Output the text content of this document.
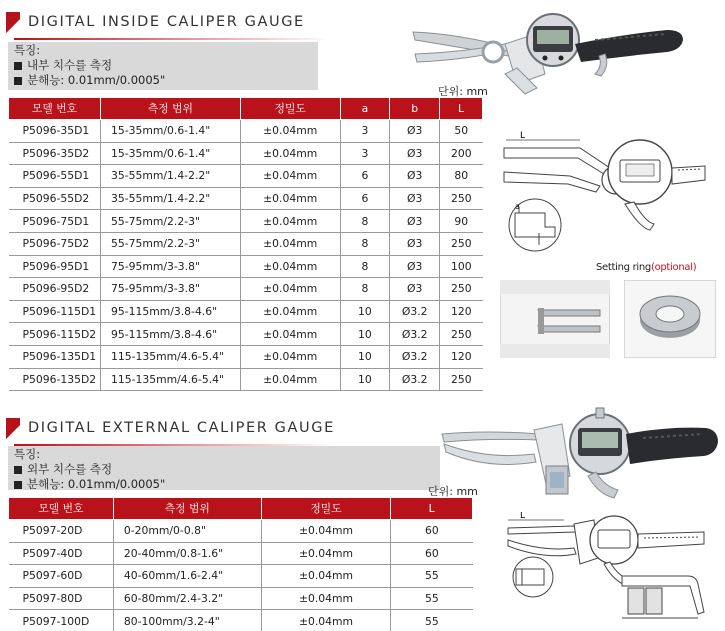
DIGITAL INSIDE CALIPER GAUGE
특징:
내부 치수를 측정
분해능: 0.01mm/0.0005"
단위: mm
모델 번호	측정 범위	정밀도	a	b	L
P5096-35D1	15-35mm/0.6-1.4"	±0.04mm	3	Ø3	50
P5096-35D2	15-35mm/0.6-1.4"	±0.04mm	3	Ø3	200
P5096-55D1	35-55mm/1.4-2.2"	±0.04mm	6	Ø3	80
P5096-55D2	35-55mm/1.4-2.2"	±0.04mm	6	Ø3	250
P5096-75D1	55-75mm/2.2-3"	±0.04mm	8	Ø3	90
P5096-75D2	55-75mm/2.2-3"	±0.04mm	8	Ø3	250
P5096-95D1	75-95mm/3-3.8"	±0.04mm	8	Ø3	100
P5096-95D2	75-95mm/3-3.8"	±0.04mm	8	Ø3	250
P5096-115D1	95-115mm/3.8-4.6"	±0.04mm	10	Ø3.2	120
P5096-115D2	95-115mm/3.8-4.6"	±0.04mm	10	Ø3.2	250
P5096-135D1	115-135mm/4.6-5.4"	±0.04mm	10	Ø3.2	120
P5096-135D2	115-135mm/4.6-5.4"	±0.04mm	10	Ø3.2	250
L
a
Setting ring(optional)
DIGITAL EXTERNAL CALIPER GAUGE
특징:
외부 치수를 측정
분해능: 0.01mm/0.0005"
단위: mm
모델 번호	측정 범위	정밀도	L
P5097-20D	0-20mm/0-0.8"	±0.04mm	60
P5097-40D	20-40mm/0.8-1.6"	±0.04mm	60
P5097-60D	40-60mm/1.6-2.4"	±0.04mm	55
P5097-80D	60-80mm/2.4-3.2"	±0.04mm	55
P5097-100D	80-100mm/3.2-4"	±0.04mm	55
L
